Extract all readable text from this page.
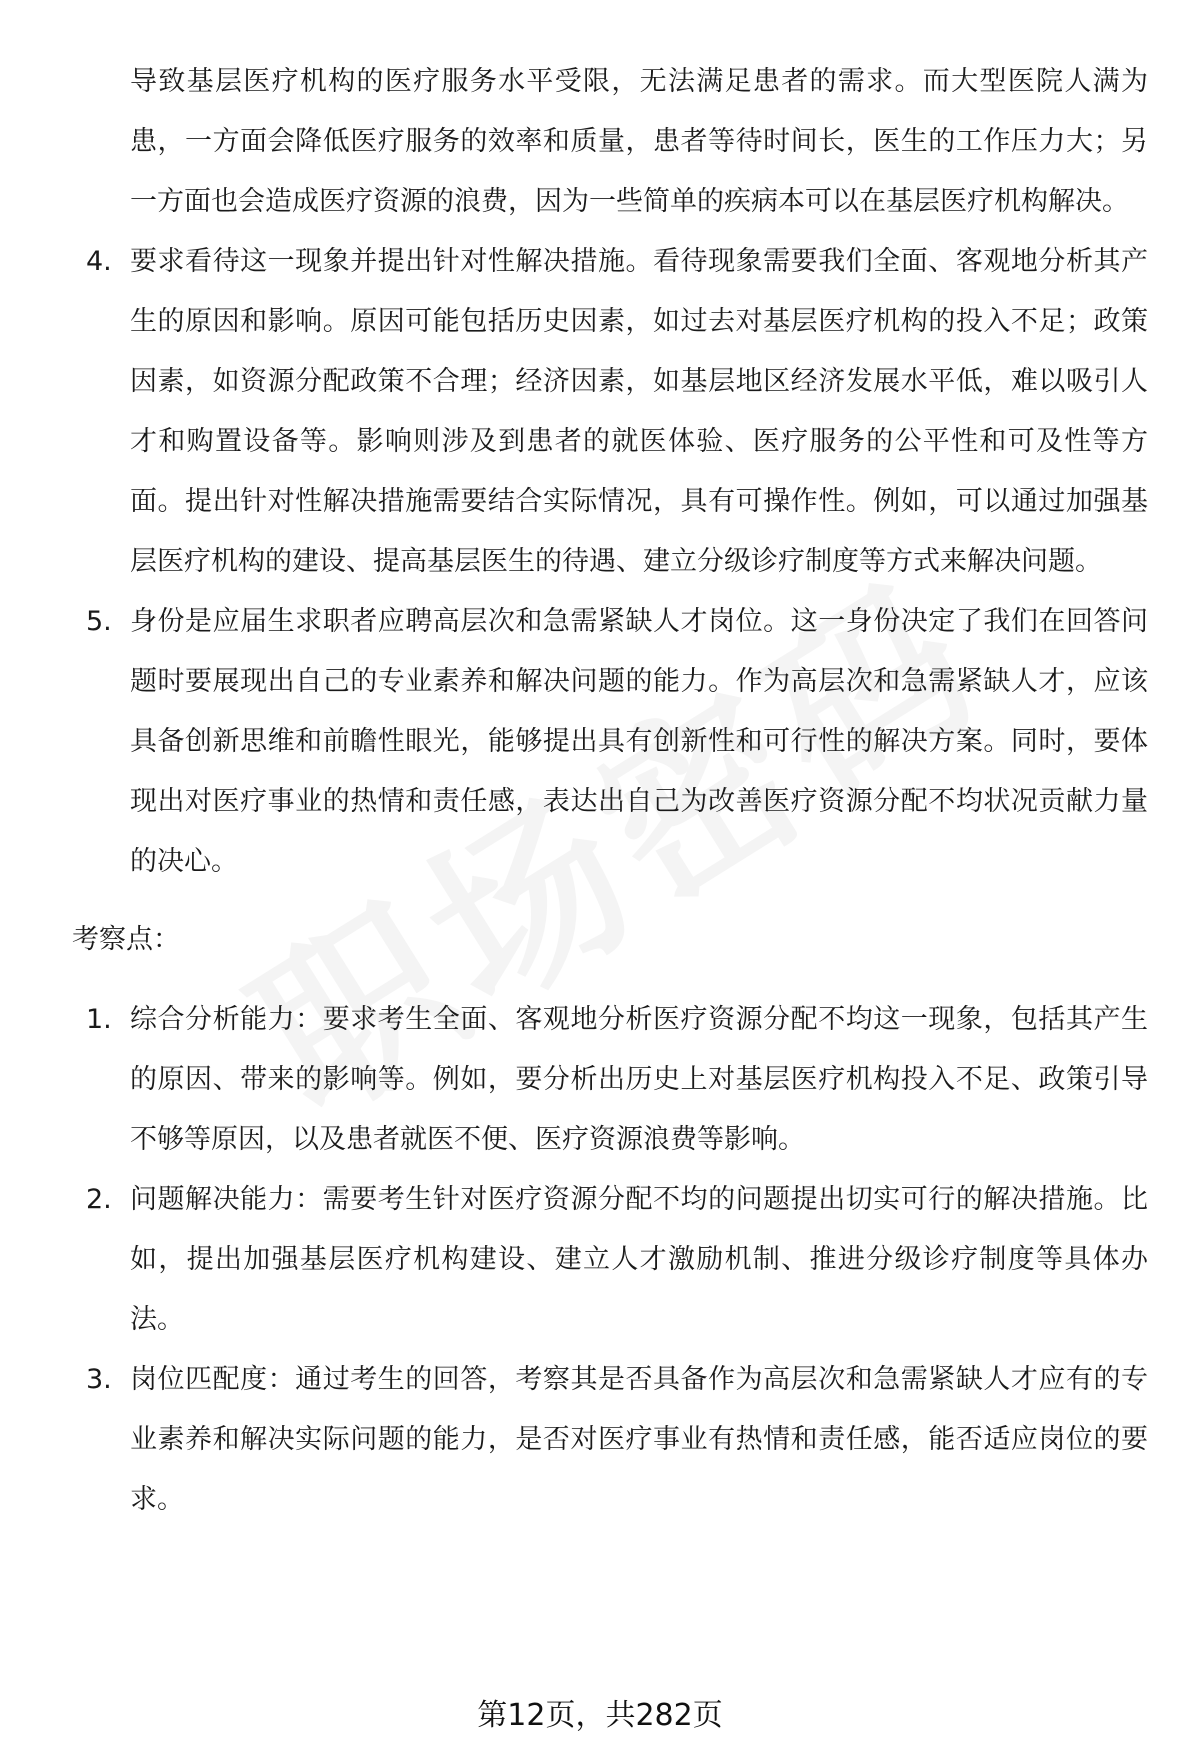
导致基层医疗机构的医疗服务水平受限，无法满足患者的需求。而大型医院人满为患，一方面会降低医疗服务的效率和质量，患者等待时间长，医生的工作压力大；另一方面也会造成医疗资源的浪费，因为一些简单的疾病本可以在基层医疗机构解决。

4. 要求看待这一现象并提出针对性解决措施。看待现象需要我们全面、客观地分析其产生的原因和影响。原因可能包括历史因素，如过去对基层医疗机构的投入不足；政策因素，如资源分配政策不合理；经济因素，如基层地区经济发展水平低，难以吸引人才和购置设备等。影响则涉及到患者的就医体验、医疗服务的公平性和可及性等方面。提出针对性解决措施需要结合实际情况，具有可操作性。例如，可以通过加强基层医疗机构的建设、提高基层医生的待遇、建立分级诊疗制度等方式来解决问题。
5. 身份是应届生求职者应聘高层次和急需紧缺人才岗位。这一身份决定了我们在回答问题时要展现出自己的专业素养和解决问题的能力。作为高层次和急需紧缺人才，应该具备创新思维和前瞻性眼光，能够提出具有创新性和可行性的解决方案。同时，要体现出对医疗事业的热情和责任感，表达出自己为改善医疗资源分配不均状况贡献力量的决心。
考察点：
1. 综合分析能力：要求考生全面、客观地分析医疗资源分配不均这一现象，包括其产生的原因、带来的影响等。例如，要分析出历史上对基层医疗机构投入不足、政策引导不够等原因，以及患者就医不便、医疗资源浪费等影响。
2. 问题解决能力：需要考生针对医疗资源分配不均的问题提出切实可行的解决措施。比如，提出加强基层医疗机构建设、建立人才激励机制、推进分级诊疗制度等具体办法。
3. 岗位匹配度：通过考生的回答，考察其是否具备作为高层次和急需紧缺人才应有的专业素养和解决实际问题的能力，是否对医疗事业有热情和责任感，能否适应岗位的要求。
第12页，共282页
